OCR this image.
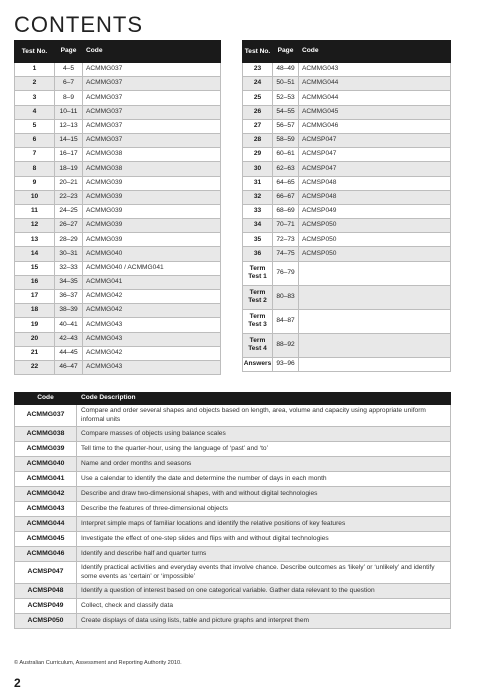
CONTENTS
Test No.	Page	Code
1	4–5	ACMMG037
2	6–7	ACMMG037
3	8–9	ACMMG037
4	10–11	ACMMG037
5	12–13	ACMMG037
6	14–15	ACMMG037
7	16–17	ACMMG038
8	18–19	ACMMG038
9	20–21	ACMMG039
10	22–23	ACMMG039
11	24–25	ACMMG039
12	26–27	ACMMG039
13	28–29	ACMMG039
14	30–31	ACMMG040
15	32–33	ACMMG040 / ACMMG041
16	34–35	ACMMG041
17	36–37	ACMMG042
18	38–39	ACMMG042
19	40–41	ACMMG043
20	42–43	ACMMG043
21	44–45	ACMMG042
22	46–47	ACMMG043
Test No.	Page	Code
23	48–49	ACMMG043
24	50–51	ACMMG044
25	52–53	ACMMG044
26	54–55	ACMMG045
27	56–57	ACMMG046
28	58–59	ACMSP047
29	60–61	ACMSP047
30	62–63	ACMSP047
31	64–65	ACMSP048
32	66–67	ACMSP048
33	68–69	ACMSP049
34	70–71	ACMSP050
35	72–73	ACMSP050
36	74–75	ACMSP050
Term Test 1	76–79	
Term Test 2	80–83	
Term Test 3	84–87	
Term Test 4	88–92	
Answers	93–96	
Code	Code Description
ACMMG037	Compare and order several shapes and objects based on length, area, volume and capacity using appropriate uniform informal units
ACMMG038	Compare masses of objects using balance scales
ACMMG039	Tell time to the quarter-hour, using the language of ‘past’ and ‘to’
ACMMG040	Name and order months and seasons
ACMMG041	Use a calendar to identify the date and determine the number of days in each month
ACMMG042	Describe and draw two-dimensional shapes, with and without digital technologies
ACMMG043	Describe the features of three-dimensional objects
ACMMG044	Interpret simple maps of familiar locations and identify the relative positions of key features
ACMMG045	Investigate the effect of one-step slides and flips with and without digital technologies
ACMMG046	Identify and describe half and quarter turns
ACMSP047	Identify practical activities and everyday events that involve chance. Describe outcomes as ‘likely’ or ‘unlikely’ and identify some events as ‘certain’ or ‘impossible’
ACMSP048	Identify a question of interest based on one categorical variable. Gather data relevant to the question
ACMSP049	Collect, check and classify data
ACMSP050	Create displays of data using lists, table and picture graphs and interpret them
© Australian Curriculum, Assessment and Reporting Authority 2010.
2
